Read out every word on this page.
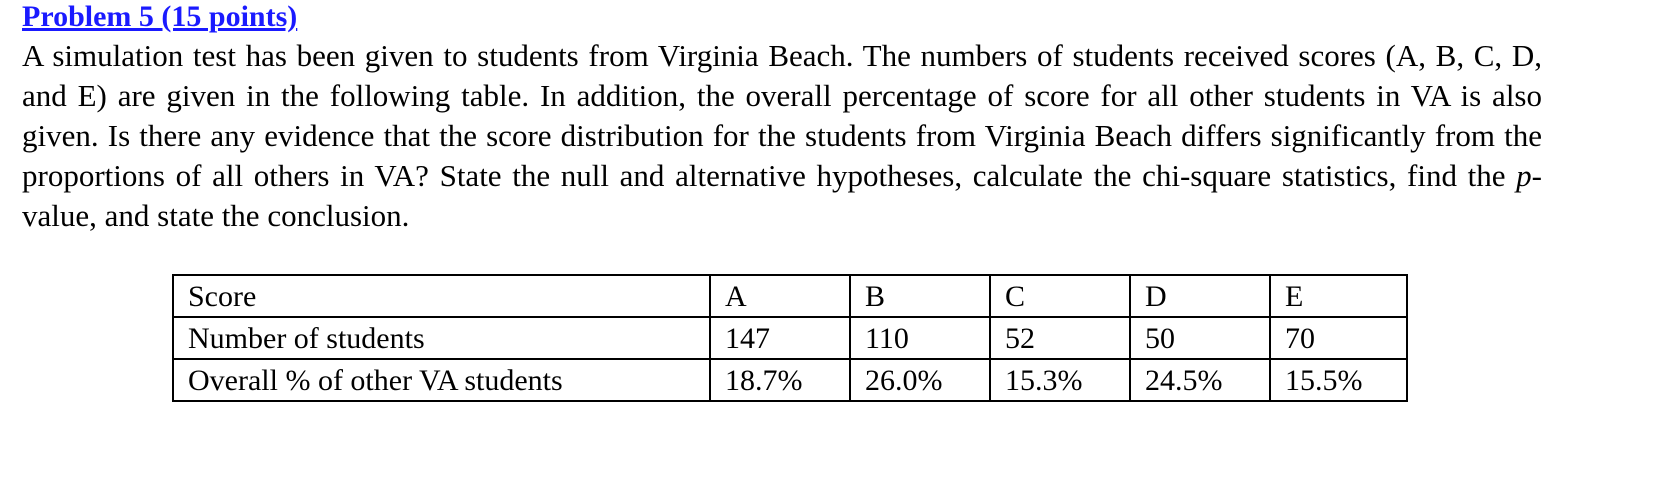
Problem 5 (15 points)

A simulation test has been given to students from Virginia Beach. The numbers of students received scores (A, B, C, D, and E) are given in the following table. In addition, the overall percentage of score for all other students in VA is also given. Is there any evidence that the score distribution for the students from Virginia Beach differs significantly from the proportions of all others in VA? State the null and alternative hypotheses, calculate the chi-square statistics, find the p-value, and state the conclusion.

Score	A	B	C	D	E
Number of students	147	110	52	50	70
Overall % of other VA students	18.7%	26.0%	15.3%	24.5%	15.5%
